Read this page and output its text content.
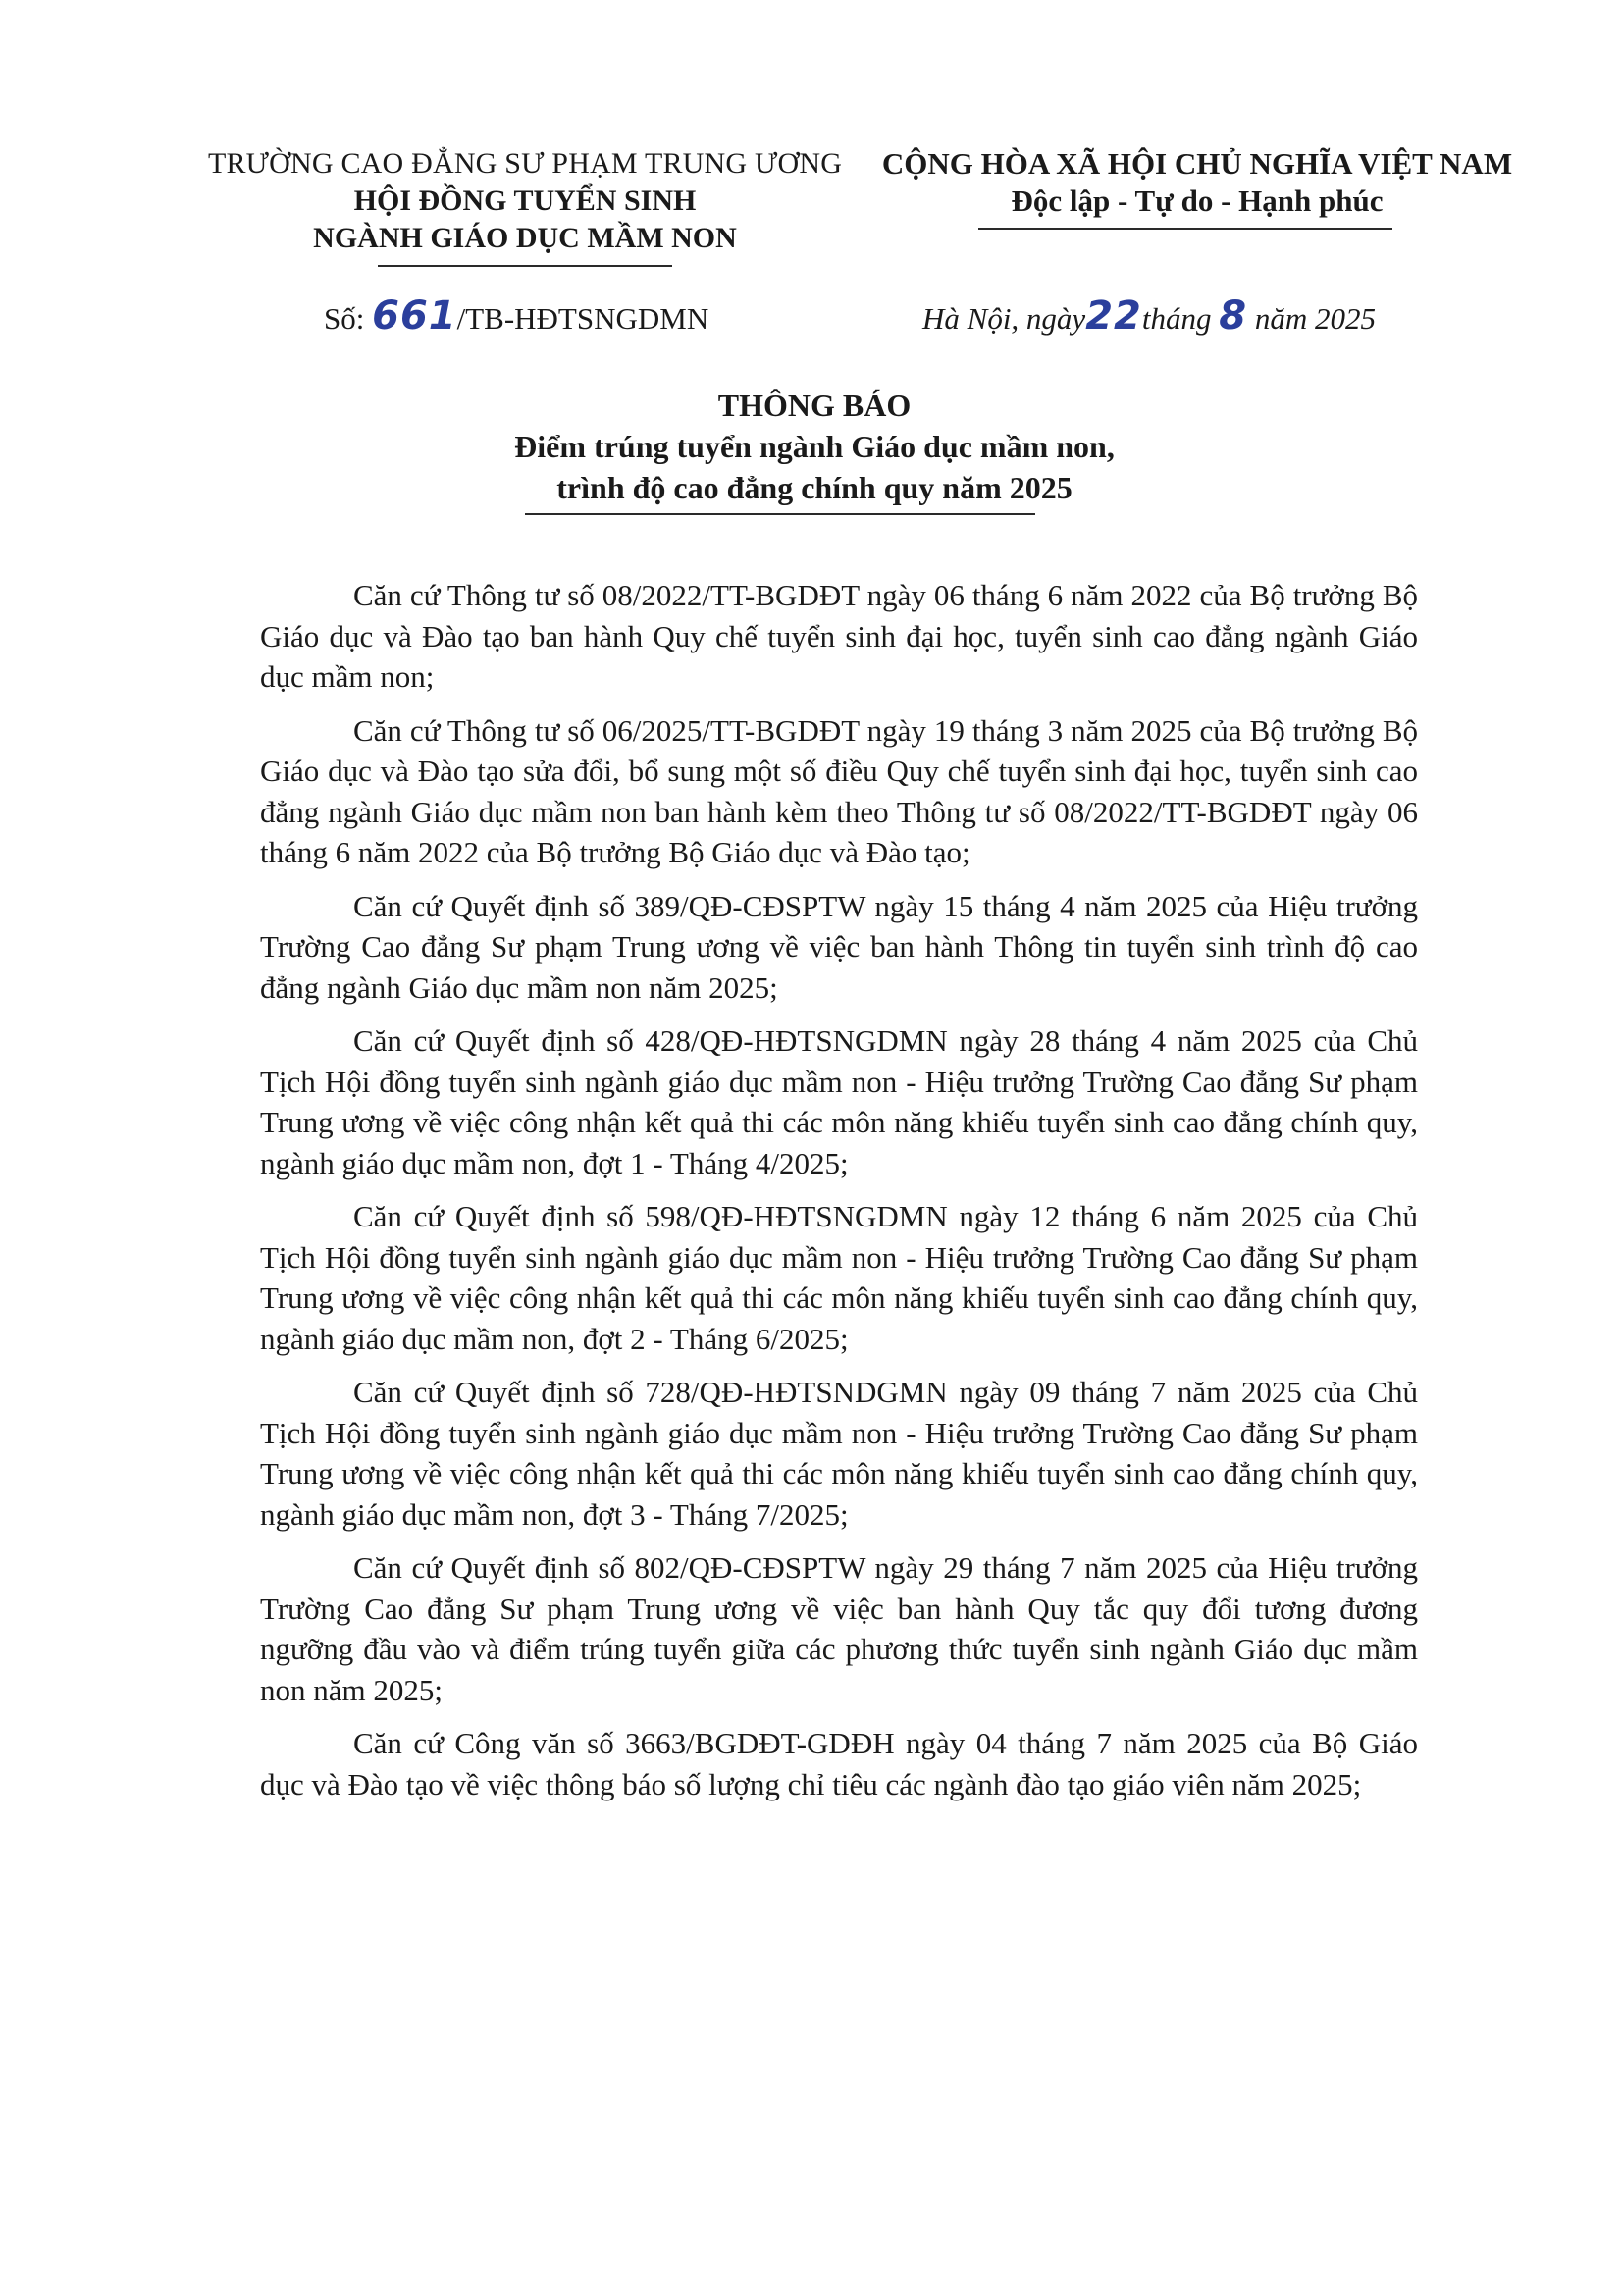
TRƯỜNG CAO ĐẲNG SƯ PHẠM TRUNG ƯƠNG
HỘI ĐỒNG TUYỂN SINH
NGÀNH GIÁO DỤC MẦM NON
CỘNG HÒA XÃ HỘI CHỦ NGHĨA VIỆT NAM
Độc lập - Tự do - Hạnh phúc
Số: 661/TB-HĐTSNGDMN	Hà Nội, ngày22tháng 8 năm 2025
THÔNG BÁO
Điểm trúng tuyển ngành Giáo dục mầm non,
trình độ cao đẳng chính quy năm 2025

Căn cứ Thông tư số 08/2022/TT-BGDĐT ngày 06 tháng 6 năm 2022 của Bộ trưởng Bộ Giáo dục và Đào tạo ban hành Quy chế tuyển sinh đại học, tuyển sinh cao đẳng ngành Giáo dục mầm non;

Căn cứ Thông tư số 06/2025/TT-BGDĐT ngày 19 tháng 3 năm 2025 của Bộ trưởng Bộ Giáo dục và Đào tạo sửa đổi, bổ sung một số điều Quy chế tuyển sinh đại học, tuyển sinh cao đẳng ngành Giáo dục mầm non ban hành kèm theo Thông tư số 08/2022/TT-BGDĐT ngày 06 tháng 6 năm 2022 của Bộ trưởng Bộ Giáo dục và Đào tạo;

Căn cứ Quyết định số 389/QĐ-CĐSPTW ngày 15 tháng 4 năm 2025 của Hiệu trưởng Trường Cao đẳng Sư phạm Trung ương về việc ban hành Thông tin tuyển sinh trình độ cao đẳng ngành Giáo dục mầm non năm 2025;

Căn cứ Quyết định số 428/QĐ-HĐTSNGDMN ngày 28 tháng 4 năm 2025 của Chủ Tịch Hội đồng tuyển sinh ngành giáo dục mầm non - Hiệu trưởng Trường Cao đẳng Sư phạm Trung ương về việc công nhận kết quả thi các môn năng khiếu tuyển sinh cao đẳng chính quy, ngành giáo dục mầm non, đợt 1 - Tháng 4/2025;

Căn cứ Quyết định số 598/QĐ-HĐTSNGDMN ngày 12 tháng 6 năm 2025 của Chủ Tịch Hội đồng tuyển sinh ngành giáo dục mầm non - Hiệu trưởng Trường Cao đẳng Sư phạm Trung ương về việc công nhận kết quả thi các môn năng khiếu tuyển sinh cao đẳng chính quy, ngành giáo dục mầm non, đợt 2 - Tháng 6/2025;

Căn cứ Quyết định số 728/QĐ-HĐTSNDGMN ngày 09 tháng 7 năm 2025 của Chủ Tịch Hội đồng tuyển sinh ngành giáo dục mầm non - Hiệu trưởng Trường Cao đẳng Sư phạm Trung ương về việc công nhận kết quả thi các môn năng khiếu tuyển sinh cao đẳng chính quy, ngành giáo dục mầm non, đợt 3 - Tháng 7/2025;

Căn cứ Quyết định số 802/QĐ-CĐSPTW ngày 29 tháng 7 năm 2025 của Hiệu trưởng Trường Cao đẳng Sư phạm Trung ương về việc ban hành Quy tắc quy đổi tương đương ngưỡng đầu vào và điểm trúng tuyển giữa các phương thức tuyển sinh ngành Giáo dục mầm non năm 2025;

Căn cứ Công văn số 3663/BGDĐT-GDĐH ngày 04 tháng 7 năm 2025 của Bộ Giáo dục và Đào tạo về việc thông báo số lượng chỉ tiêu các ngành đào tạo giáo viên năm 2025;
